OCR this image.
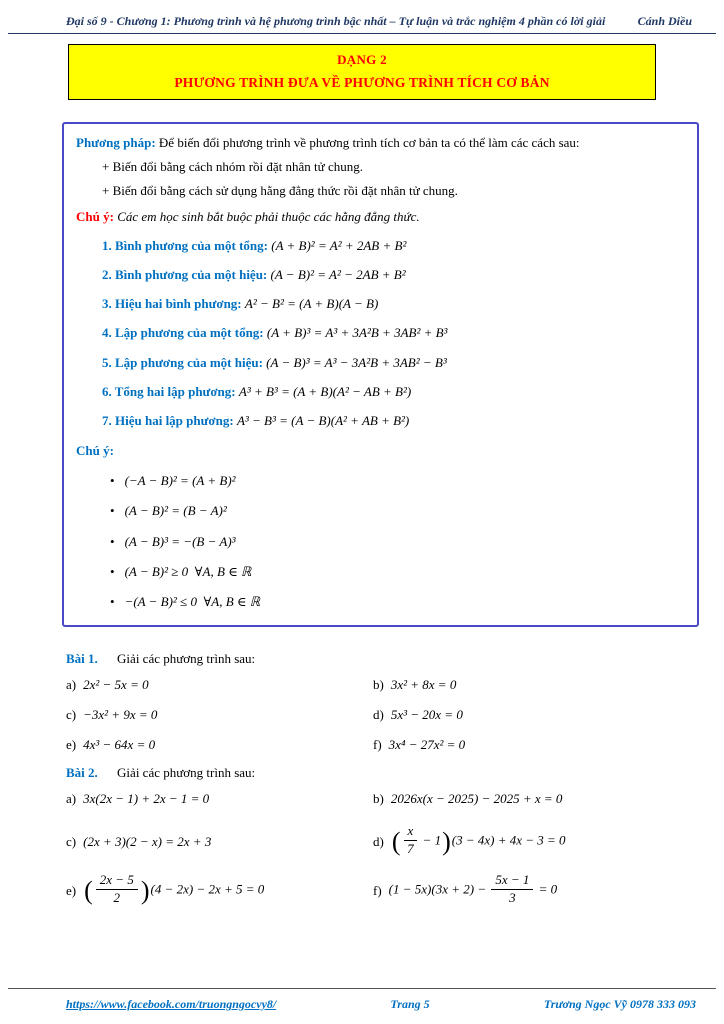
Đại số 9 - Chương 1: Phương trình và hệ phương trình bậc nhất – Tự luận và trắc nghiệm 4 phần có lời giải	Cánh Diều
DẠNG 2
PHƯƠNG TRÌNH ĐƯA VỀ PHƯƠNG TRÌNH TÍCH CƠ BẢN
Phương pháp: Để biến đổi phương trình về phương trình tích cơ bản ta có thể làm các cách sau:
+ Biến đổi bằng cách nhóm rồi đặt nhân tử chung.
+ Biến đổi bằng cách sử dụng hằng đẳng thức rồi đặt nhân tử chung.
Chú ý: Các em học sinh bắt buộc phải thuộc các hằng đẳng thức.
1. Bình phương của một tổng: (A + B)² = A² + 2AB + B²
2. Bình phương của một hiệu: (A − B)² = A² − 2AB + B²
3. Hiệu hai bình phương: A² − B² = (A + B)(A − B)
4. Lập phương của một tổng: (A + B)³ = A³ + 3A²B + 3AB² + B³
5. Lập phương của một hiệu: (A − B)³ = A³ − 3A²B + 3AB² − B³
6. Tổng hai lập phương: A³ + B³ = (A + B)(A² − AB + B²)
7. Hiệu hai lập phương: A³ − B³ = (A − B)(A² + AB + B²)
Chú ý:
• (−A − B)² = (A + B)²
• (A − B)² = (B − A)²
• (A − B)³ = −(B − A)³
• (A − B)² ≥ 0  ∀A, B ∈ ℝ
• −(A − B)² ≤ 0  ∀A, B ∈ ℝ
Bài 1. Giải các phương trình sau:
a) 2x² − 5x = 0	b) 3x² + 8x = 0
c) −3x² + 9x = 0	d) 5x³ − 20x = 0
e) 4x³ − 64x = 0	f) 3x⁴ − 27x² = 0
Bài 2. Giải các phương trình sau:
a) 3x(2x − 1) + 2x − 1 = 0	b) 2026x(x − 2025) − 2025 + x = 0
c) (2x + 3)(2 − x) = 2x + 3	d) ( $\frac{x}{7} - 1)(3 - 4x) + 4x - 3 = 0$
e) ( $\frac{2x - 5}{2} )(4 - 2x) - 2x + 5 = 0$	f) $(1 - 5x)(3x + 2) - \frac{5x - 1}{3} = 0$
https://www.facebook.com/truongngocvy8/	Trang 5	Trương Ngọc Vỹ 0978 333 093
